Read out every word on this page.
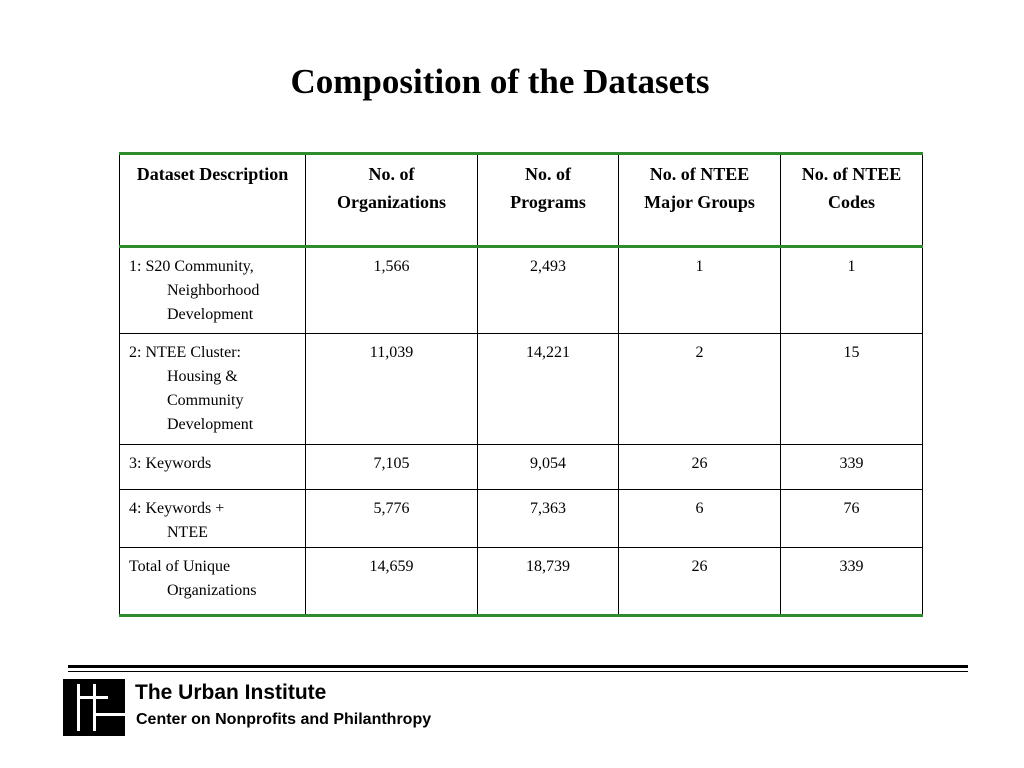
Composition of the Datasets
Dataset Description	No. of Organizations	No. of Programs	No. of NTEE Major Groups	No. of NTEE Codes

1: S20 Community,
Neighborhood Development	1,566	2,493	1	1

2: NTEE Cluster:
Housing & Community Development	11,039	14,221	2	15

3: Keywords	7,105	9,054	26	339

4: Keywords +
NTEE	5,776	7,363	6	76

Total of Unique
Organizations	14,659	18,739	26	339
The Urban Institute
Center on Nonprofits and Philanthropy
